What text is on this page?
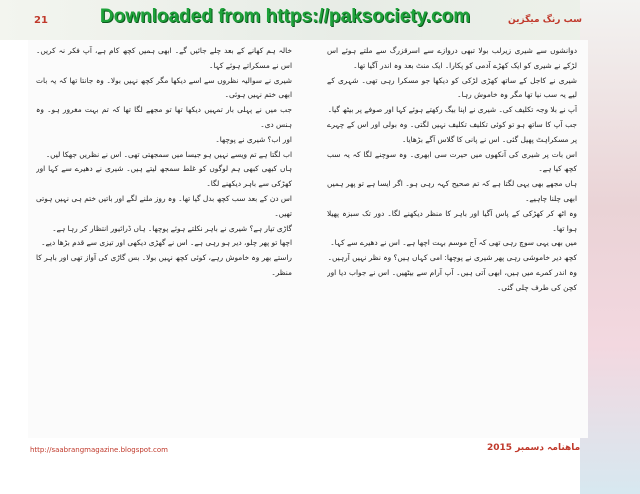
21	Downloaded from https://paksociety.com	سب رنگ میگزین

دوانشوں سے شیری زیرلب بولا تبھی دروازے سے اسرقزرگ سے ملتے ہوئے اس لڑکے نے شیری کو ایک کھڑے آدمی کو پکارا۔ ایک منٹ بعد وہ اندر آگیا تھا۔

شیری نے کاجل کے ساتھ کھڑی لڑکی کو دیکھا جو مسکرا رہی تھی۔ شہری کے لیے یہ سب نیا تھا مگر وہ خاموش رہا۔

آپ نے بلا وجہ تکلیف کی۔ شیری نے اپنا بیگ رکھتے ہوئے کہا اور صوفے پر بیٹھ گیا۔

جب آپ کا ساتھ ہو تو کوئی تکلیف تکلیف نہیں لگتی۔ وہ بولی اور اس کے چہرے پر مسکراہٹ پھیل گئی۔ اس نے پانی کا گلاس آگے بڑھایا۔

اس بات پر شیری کی آنکھوں میں حیرت سی ابھری۔ وہ سوچنے لگا کہ یہ سب کچھ کیا ہے۔

ہاں مجھے بھی یہی لگتا ہے کہ تم صحیح کہہ رہی ہو۔ اگر ایسا ہے تو پھر ہمیں ابھی چلنا چاہیے۔

وہ اٹھ کر کھڑکی کے پاس آگیا اور باہر کا منظر دیکھنے لگا۔ دور تک سبزہ پھیلا ہوا تھا۔

میں بھی یہی سوچ رہی تھی کہ آج موسم بہت اچھا ہے۔ اس نے دھیرے سے کہا۔

کچھ دیر خاموشی رہی پھر شیری نے پوچھا: امی کہاں ہیں؟ وہ نظر نہیں آرہیں۔

وہ اندر کمرے میں ہیں، ابھی آتی ہیں۔ آپ آرام سے بیٹھیں۔ اس نے جواب دیا اور کچن کی طرف چلی گئی۔

خالہ ہم کھانے کے بعد چلے جائیں گے۔ ابھی ہمیں کچھ کام ہے، آپ فکر نہ کریں۔ اس نے مسکراتے ہوئے کہا۔

شیری نے سوالیہ نظروں سے اسے دیکھا مگر کچھ نہیں بولا۔ وہ جانتا تھا کہ یہ بات ابھی ختم نہیں ہوئی۔

جب میں نے پہلی بار تمہیں دیکھا تھا تو مجھے لگا تھا کہ تم بہت مغرور ہو۔ وہ ہنس دی۔

اور اب؟ شیری نے پوچھا۔

اب لگتا ہے تم ویسے نہیں ہو جیسا میں سمجھتی تھی۔ اس نے نظریں جھکا لیں۔

ہاں کبھی کبھی ہم لوگوں کو غلط سمجھ لیتے ہیں۔ شیری نے دھیرے سے کہا اور کھڑکی سے باہر دیکھنے لگا۔

اس دن کے بعد سب کچھ بدل گیا تھا۔ وہ روز ملنے لگے اور باتیں ختم ہی نہیں ہوتی تھیں۔

گاڑی تیار ہے؟ شیری نے باہر نکلتے ہوئے پوچھا۔ ہاں ڈرائیور انتظار کر رہا ہے۔

اچھا تو پھر چلو، دیر ہو رہی ہے۔ اس نے گھڑی دیکھی اور تیزی سے قدم بڑھا دیے۔

راستے بھر وہ خاموش رہے، کوئی کچھ نہیں بولا۔ بس گاڑی کی آواز تھی اور باہر کا منظر۔

http://saabrangmagazine.blogspot.com	ماهنامہ دسمبر 2015
